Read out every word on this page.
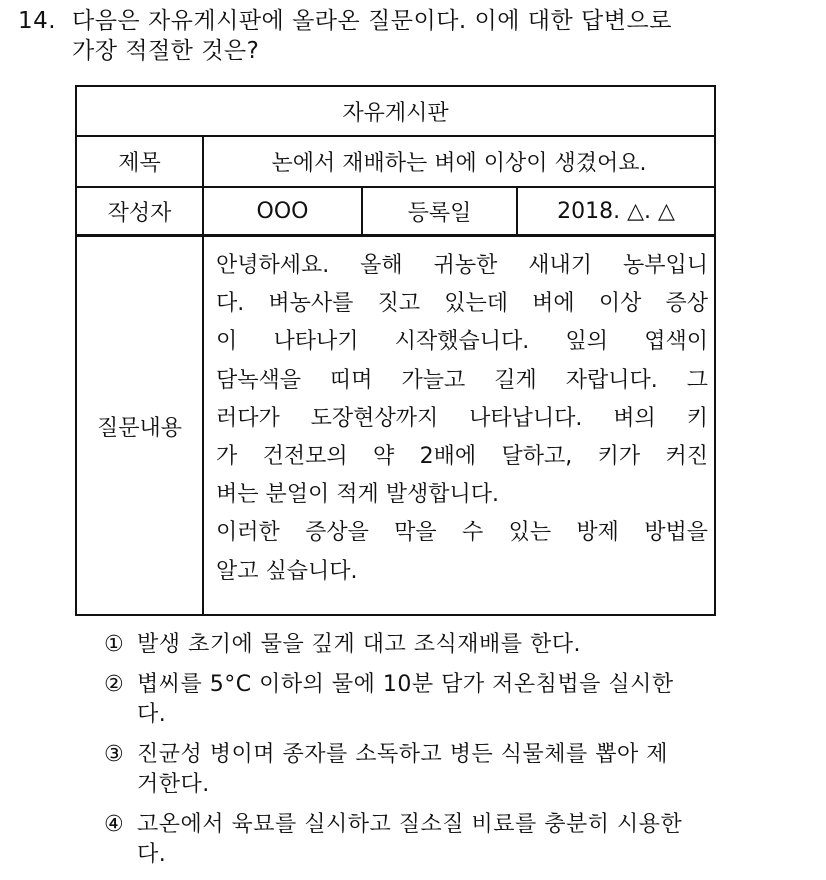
14. 다음은 자유게시판에 올라온 질문이다. 이에 대한 답변으로
가장 적절한 것은?
자유게시판
제목	논에서 재배하는 벼에 이상이 생겼어요.
작성자	OOO	등록일	2018. △. △
질문내용
안녕하세요. 올해 귀농한 새내기 농부입니
다. 벼농사를 짓고 있는데 벼에 이상 증상
이 나타나기 시작했습니다. 잎의 엽색이
담녹색을 띠며 가늘고 길게 자랍니다. 그
러다가 도장현상까지 나타납니다. 벼의 키
가 건전모의 약 2배에 달하고, 키가 커진
벼는 분얼이 적게 발생합니다.
이러한 증상을 막을 수 있는 방제 방법을
알고 싶습니다.
① 발생 초기에 물을 깊게 대고 조식재배를 한다.
② 볍씨를 5°C 이하의 물에 10분 담가 저온침법을 실시한
다.
③ 진균성 병이며 종자를 소독하고 병든 식물체를 뽑아 제
거한다.
④ 고온에서 육묘를 실시하고 질소질 비료를 충분히 시용한
다.
